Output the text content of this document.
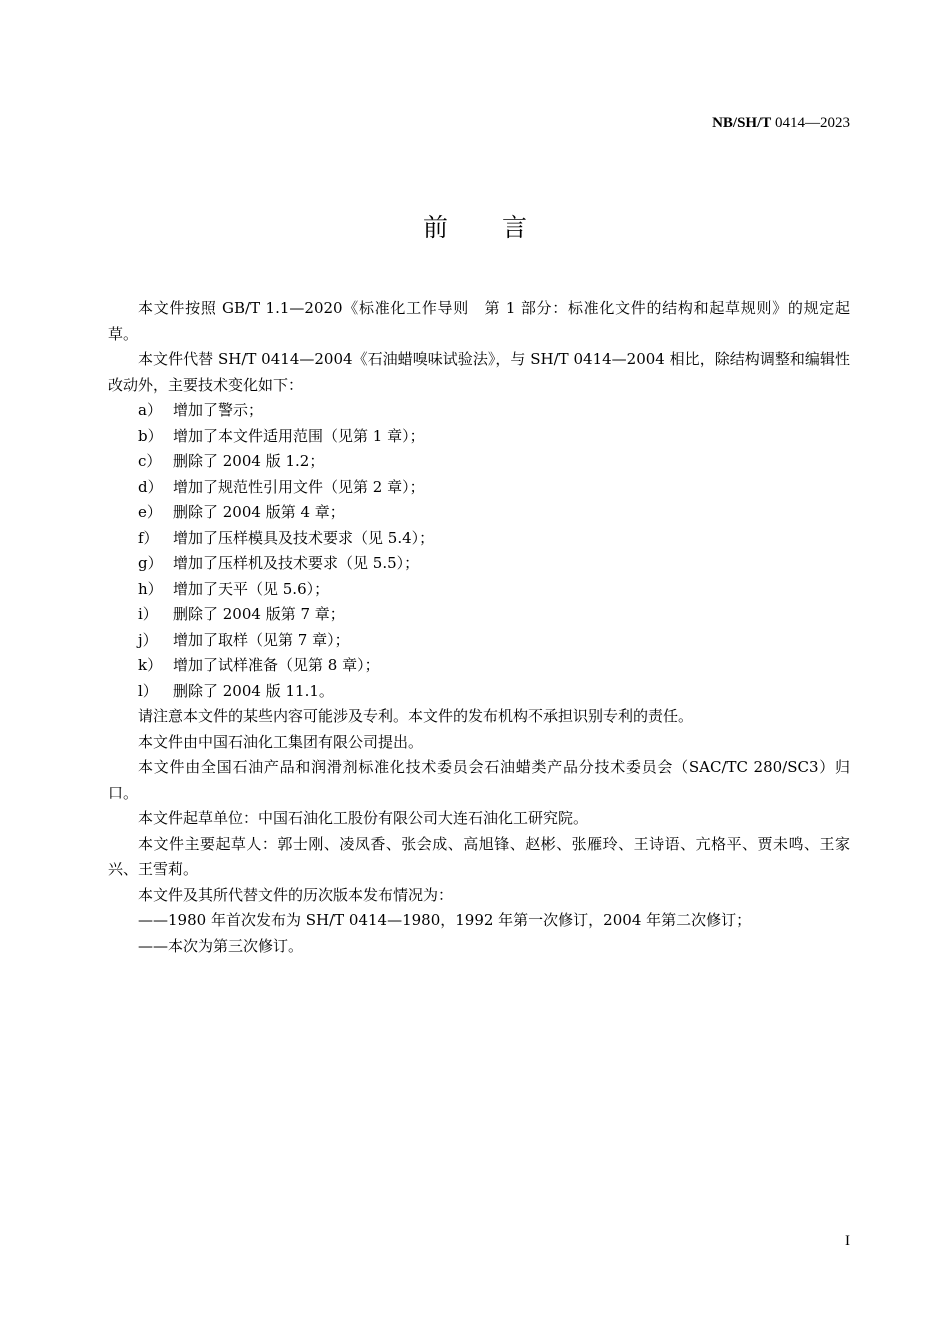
NB/SH/T 0414—2023
前言

本文件按照 GB/T 1.1—2020《标准化工作导则　第 1 部分：标准化文件的结构和起草规则》的规定起草。

本文件代替 SH/T 0414—2004《石油蜡嗅味试验法》，与 SH/T 0414—2004 相比，除结构调整和编辑性改动外，主要技术变化如下：

a） 增加了警示；

b） 增加了本文件适用范围（见第 1 章）；

c） 删除了 2004 版 1.2；

d） 增加了规范性引用文件（见第 2 章）；

e） 删除了 2004 版第 4 章；

f） 增加了压样模具及技术要求（见 5.4）；

g） 增加了压样机及技术要求（见 5.5）；

h） 增加了天平（见 5.6）；

i） 删除了 2004 版第 7 章；

j） 增加了取样（见第 7 章）；

k） 增加了试样准备（见第 8 章）；

l） 删除了 2004 版 11.1。

请注意本文件的某些内容可能涉及专利。本文件的发布机构不承担识别专利的责任。

本文件由中国石油化工集团有限公司提出。

本文件由全国石油产品和润滑剂标准化技术委员会石油蜡类产品分技术委员会（SAC/TC 280/SC3）归口。

本文件起草单位：中国石油化工股份有限公司大连石油化工研究院。

本文件主要起草人：郭士刚、凌凤香、张会成、高旭锋、赵彬、张雁玲、王诗语、亢格平、贾未鸣、王家兴、王雪莉。

本文件及其所代替文件的历次版本发布情况为：

——1980 年首次发布为 SH/T 0414—1980，1992 年第一次修订，2004 年第二次修订；

——本次为第三次修订。

I
